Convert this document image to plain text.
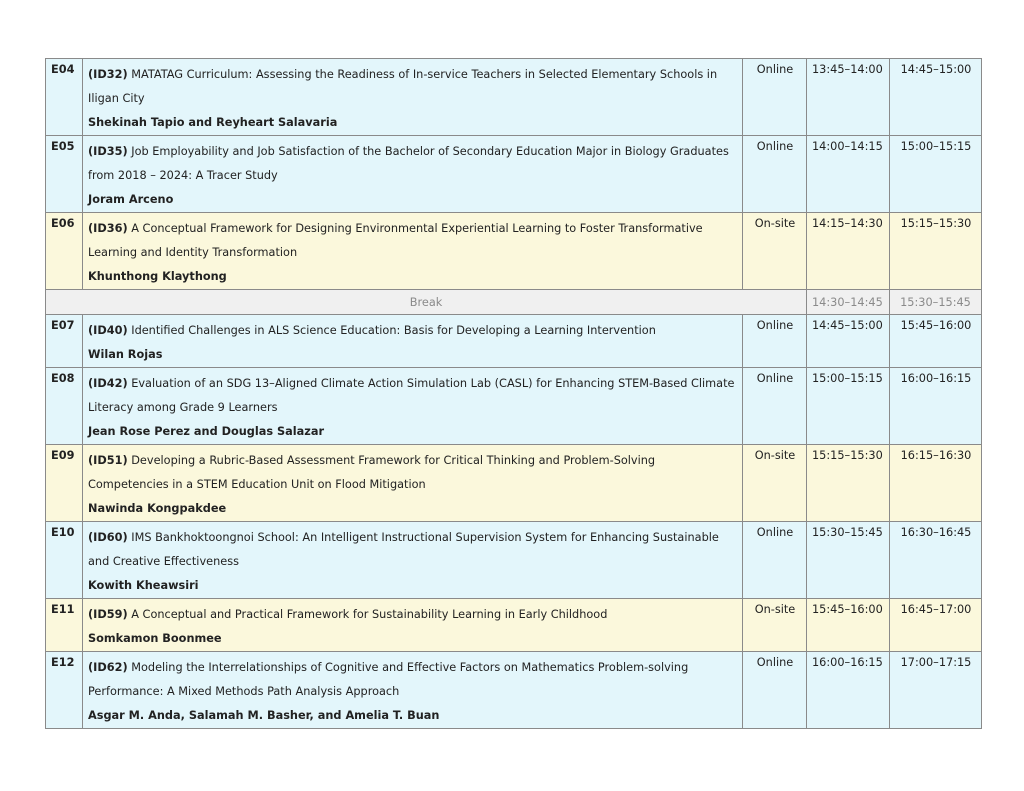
E04	(ID32) MATATAG Curriculum: Assessing the Readiness of In-service Teachers in Selected Elementary Schools in Iligan City
Shekinah Tapio and Reyheart Salavaria	Online	13:45–14:00	14:45–15:00
E05	(ID35) Job Employability and Job Satisfaction of the Bachelor of Secondary Education Major in Biology Graduates from 2018 – 2024: A Tracer Study
Joram Arceno	Online	14:00–14:15	15:00–15:15
E06	(ID36) A Conceptual Framework for Designing Environmental Experiential Learning to Foster Transformative Learning and Identity Transformation
Khunthong Klaythong	On-site	14:15–14:30	15:15–15:30
Break			14:30–14:45	15:30–15:45
E07	(ID40) Identified Challenges in ALS Science Education: Basis for Developing a Learning Intervention
Wilan Rojas	Online	14:45–15:00	15:45–16:00
E08	(ID42) Evaluation of an SDG 13–Aligned Climate Action Simulation Lab (CASL) for Enhancing STEM-Based Climate Literacy among Grade 9 Learners
Jean Rose Perez and Douglas Salazar	Online	15:00–15:15	16:00–16:15
E09	(ID51) Developing a Rubric-Based Assessment Framework for Critical Thinking and Problem-Solving Competencies in a STEM Education Unit on Flood Mitigation
Nawinda Kongpakdee	On-site	15:15–15:30	16:15–16:30
E10	(ID60) IMS Bankhoktoongnoi School: An Intelligent Instructional Supervision System for Enhancing Sustainable and Creative Effectiveness
Kowith Kheawsiri	Online	15:30–15:45	16:30–16:45
E11	(ID59) A Conceptual and Practical Framework for Sustainability Learning in Early Childhood
Somkamon Boonmee	On-site	15:45–16:00	16:45–17:00
E12	(ID62) Modeling the Interrelationships of Cognitive and Effective Factors on Mathematics Problem-solving Performance: A Mixed Methods Path Analysis Approach
Asgar M. Anda, Salamah M. Basher, and Amelia T. Buan	Online	16:00–16:15	17:00–17:15
